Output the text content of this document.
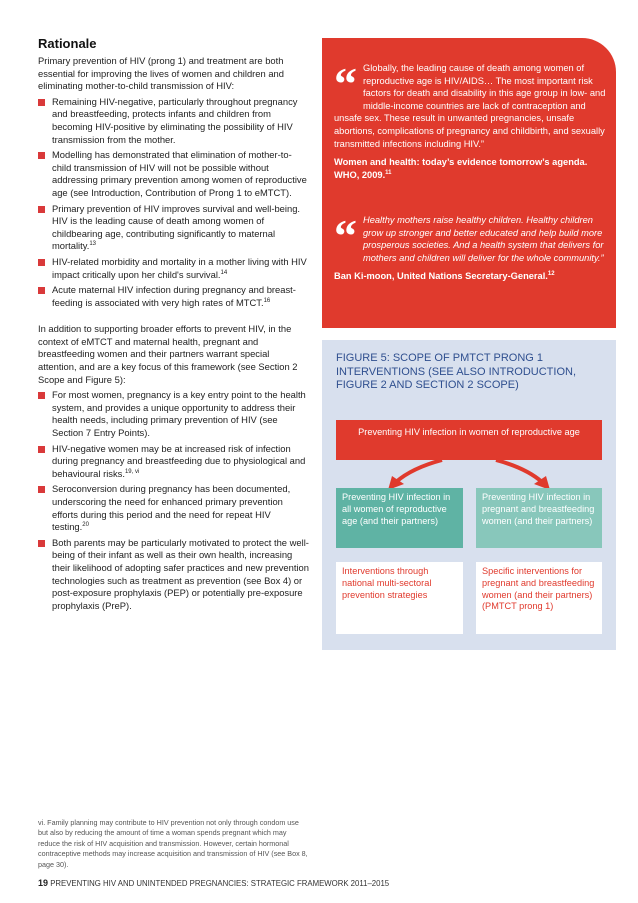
Rationale

Primary prevention of HIV (prong 1) and treatment are both essential for improving the lives of women and children and eliminating mother-to-child transmission of HIV:

Remaining HIV-negative, particularly throughout pregnancy and breastfeeding, protects infants and children from becoming HIV-positive by eliminating the possibility of HIV transmission from the mother.
Modelling has demonstrated that elimination of mother-to-child transmission of HIV will not be possible without addressing primary prevention among women of reproductive age (see Introduction, Contribution of Prong 1 to eMTCT).
Primary prevention of HIV improves survival and well-being. HIV is the leading cause of death among women of childbearing age, contributing significantly to maternal mortality.$^{13}$
HIV-related morbidity and mortality in a mother living with HIV impact critically upon her child's survival.$^{14}$
Acute maternal HIV infection during pregnancy and breast-feeding is associated with very high rates of MTCT.$^{16}$

In addition to supporting broader efforts to prevent HIV, in the context of eMTCT and maternal health, pregnant and breastfeeding women and their partners warrant special attention, and are a key focus of this framework (see Section 2 Scope and Figure 5):

For most women, pregnancy is a key entry point to the health system, and provides a unique opportunity to address their health needs, including primary prevention of HIV (see Section 7 Entry Points).
HIV-negative women may be at increased risk of infection during pregnancy and breastfeeding due to physiological and behavioural risks.$^{19, vi}$
Seroconversion during pregnancy has been documented, underscoring the need for enhanced primary prevention efforts during this period and the need for repeat HIV testing.$^{20}$
Both parents may be particularly motivated to protect the well-being of their infant as well as their own health, increasing their likelihood of adopting safer practices and new prevention technologies such as treatment as prevention (see Box 4) or post-exposure prophylaxis (PEP) or potentially pre-exposure prophylaxis (PreP).
“ Globally, the leading cause of death among women of reproductive age is HIV/AIDS… The most important risk factors for death and disability in this age group in low- and middle-income countries are lack of contraception and unsafe sex. These result in unwanted pregnancies, unsafe abortions, complications of pregnancy and childbirth, and sexually transmitted infections including HIV.”
Women and health: today’s evidence tomorrow’s agenda. WHO, 2009.11
“ Healthy mothers raise healthy children. Healthy children grow up stronger and better educated and help build more prosperous societies. And a health system that delivers for mothers and children will deliver for the whole community.”
Ban Ki-moon, United Nations Secretary-General.$^{12}$
FIGURE 5: SCOPE OF PMTCT PRONG 1 INTERVENTIONS (SEE ALSO INTRODUCTION, FIGURE 2 AND SECTION 2 SCOPE)
Preventing HIV infection in women of reproductive age
Preventing HIV infection in all women of reproductive age (and their partners)
Preventing HIV infection in pregnant and breastfeeding women (and their partners)
Interventions through national multi-sectoral prevention strategies
Specific interventions for pregnant and breastfeeding women (and their partners) (PMTCT prong 1)
vi. Family planning may contribute to HIV prevention not only through condom use but also by reducing the amount of time a woman spends pregnant which may reduce the risk of HIV acquisition and transmission. However, certain hormonal contraceptive methods may increase acquisition and transmission of HIV (see Box 8, page 30).
19 PREVENTING HIV AND UNINTENDED PREGNANCIES: STRATEGIC FRAMEWORK 2011–2015
